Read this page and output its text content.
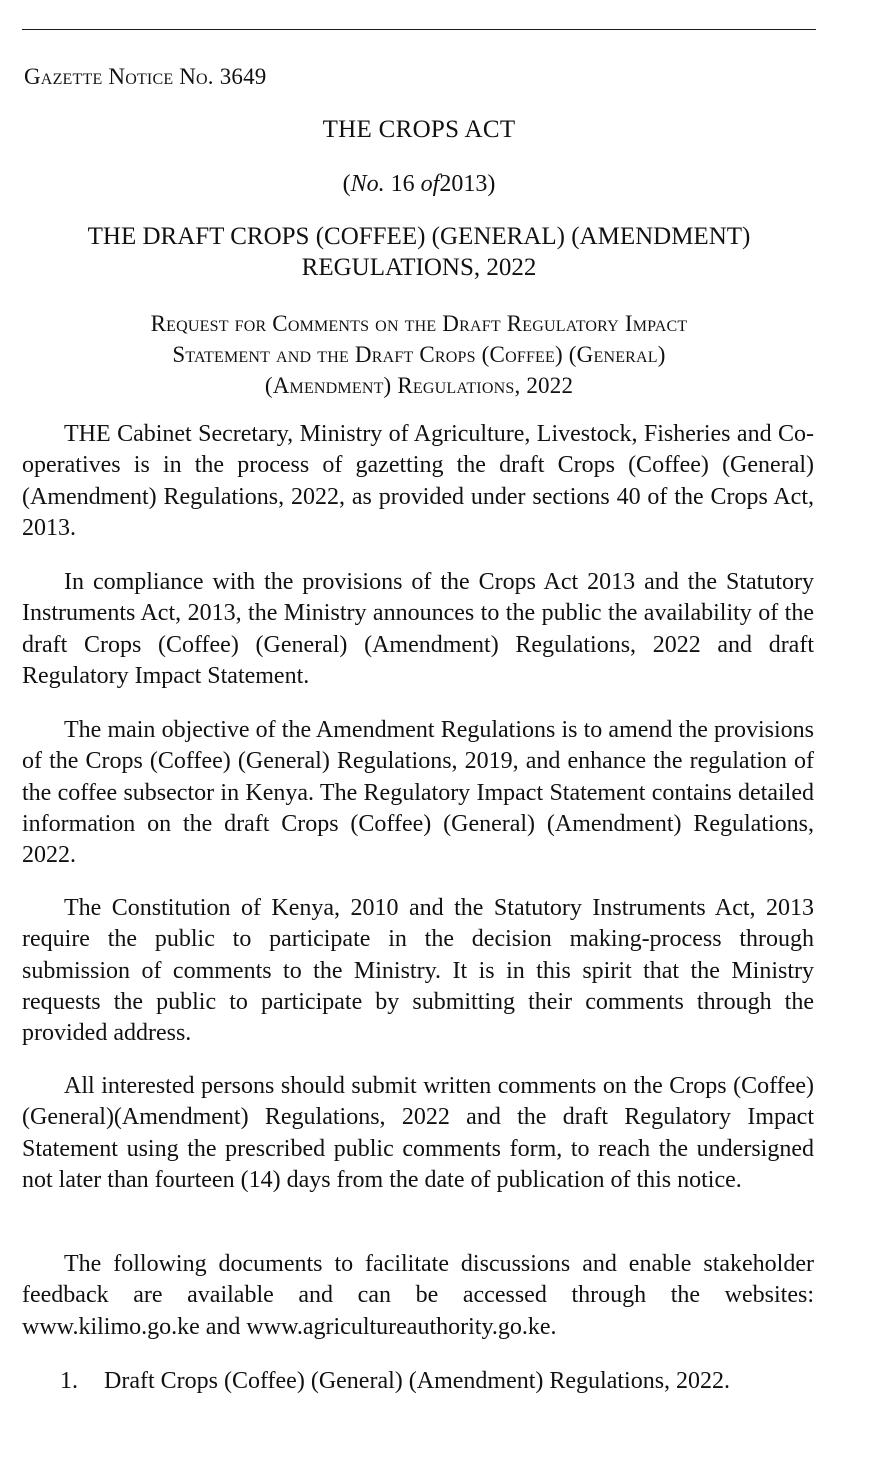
Gazette Notice No. 3649
THE CROPS ACT
(No. 16 of2013)
THE DRAFT CROPS (COFFEE) (GENERAL) (AMENDMENT)
REGULATIONS, 2022
Request for Comments on the Draft Regulatory Impact
Statement and the Draft Crops (Coffee) (General)
(Amendment) Regulations, 2022

THE Cabinet Secretary, Ministry of Agriculture, Livestock, Fisheries and Co-operatives is in the process of gazetting the draft Crops (Coffee) (General) (Amendment) Regulations, 2022, as provided under sections 40 of the Crops Act, 2013.

In compliance with the provisions of the Crops Act 2013 and the Statutory Instruments Act, 2013, the Ministry announces to the public the availability of the draft Crops (Coffee) (General) (Amendment) Regulations, 2022 and draft Regulatory Impact Statement.

The main objective of the Amendment Regulations is to amend the provisions of the Crops (Coffee) (General) Regulations, 2019, and enhance the regulation of the coffee subsector in Kenya. The Regulatory Impact Statement contains detailed information on the draft Crops (Coffee) (General) (Amendment) Regulations, 2022.

The Constitution of Kenya, 2010 and the Statutory Instruments Act, 2013 require the public to participate in the decision making-process through submission of comments to the Ministry. It is in this spirit that the Ministry requests the public to participate by submitting their comments through the provided address.

All interested persons should submit written comments on the Crops (Coffee)(General)(Amendment) Regulations, 2022 and the draft Regulatory Impact Statement using the prescribed public comments form, to reach the undersigned not later than fourteen (14) days from the date of publication of this notice.

The following documents to facilitate discussions and enable stakeholder feedback are available and can be accessed through the websites: www.kilimo.go.ke and www.agricultureauthority.go.ke.

1.	Draft Crops (Coffee) (General) (Amendment) Regulations, 2022.
